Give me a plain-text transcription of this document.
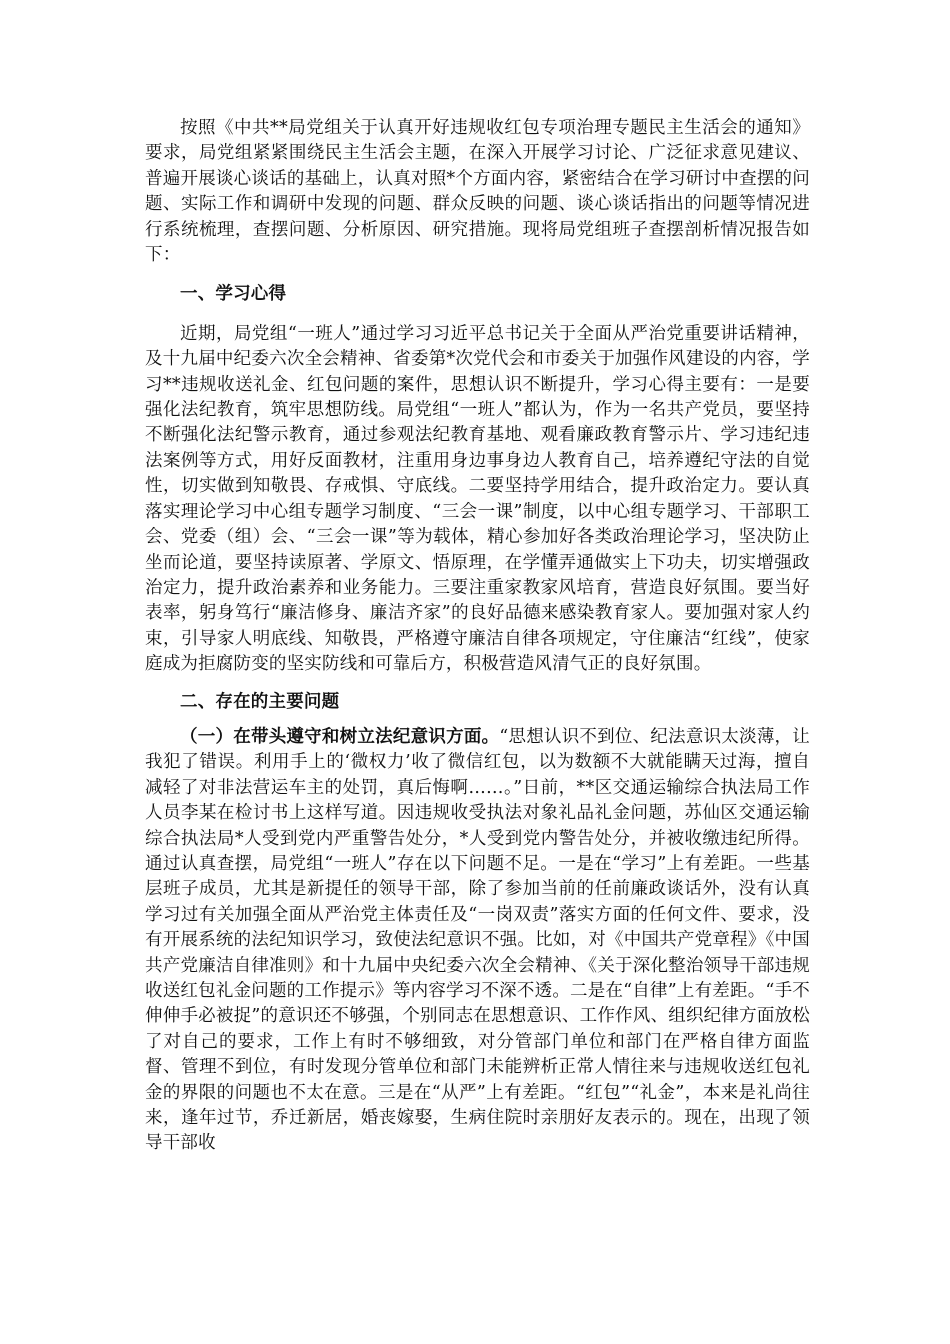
按照《中共**局党组关于认真开好违规收红包专项治理专题民主生活会的通知》要求，局党组紧紧围绕民主生活会主题，在深入开展学习讨论、广泛征求意见建议、普遍开展谈心谈话的基础上，认真对照*个方面内容，紧密结合在学习研讨中查摆的问题、实际工作和调研中发现的问题、群众反映的问题、谈心谈话指出的问题等情况进行系统梳理，查摆问题、分析原因、研究措施。现将局党组班子查摆剖析情况报告如下：

一、学习心得

近期，局党组“一班人”通过学习习近平总书记关于全面从严治党重要讲话精神，及十九届中纪委六次全会精神、省委第*次党代会和市委关于加强作风建设的内容，学习**违规收送礼金、红包问题的案件，思想认识不断提升，学习心得主要有：一是要强化法纪教育，筑牢思想防线。局党组“一班人”都认为，作为一名共产党员，要坚持不断强化法纪警示教育，通过参观法纪教育基地、观看廉政教育警示片、学习违纪违法案例等方式，用好反面教材，注重用身边事身边人教育自己，培养遵纪守法的自觉性，切实做到知敬畏、存戒惧、守底线。二要坚持学用结合，提升政治定力。要认真落实理论学习中心组专题学习制度、“三会一课”制度，以中心组专题学习、干部职工会、党委（组）会、“三会一课”等为载体，精心参加好各类政治理论学习，坚决防止坐而论道，要坚持读原著、学原文、悟原理，在学懂弄通做实上下功夫，切实增强政治定力，提升政治素养和业务能力。三要注重家教家风培育，营造良好氛围。要当好表率，躬身笃行“廉洁修身、廉洁齐家”的良好品德来感染教育家人。要加强对家人约束，引导家人明底线、知敬畏，严格遵守廉洁自律各项规定，守住廉洁“红线”，使家庭成为拒腐防变的坚实防线和可靠后方，积极营造风清气正的良好氛围。

二、存在的主要问题

（一）在带头遵守和树立法纪意识方面。“思想认识不到位、纪法意识太淡薄，让我犯了错误。利用手上的‘微权力’收了微信红包，以为数额不大就能瞒天过海，擅自减轻了对非法营运车主的处罚，真后悔啊……。”日前，**区交通运输综合执法局工作人员李某在检讨书上这样写道。因违规收受执法对象礼品礼金问题，苏仙区交通运输综合执法局*人受到党内严重警告处分，*人受到党内警告处分，并被收缴违纪所得。通过认真查摆，局党组“一班人”存在以下问题不足。一是在“学习”上有差距。一些基层班子成员，尤其是新提任的领导干部，除了参加当前的任前廉政谈话外，没有认真学习过有关加强全面从严治党主体责任及“一岗双责”落实方面的任何文件、要求，没有开展系统的法纪知识学习，致使法纪意识不强。比如，对《中国共产党章程》《中国共产党廉洁自律准则》和十九届中央纪委六次全会精神、《关于深化整治领导干部违规收送红包礼金问题的工作提示》等内容学习不深不透。二是在“自律”上有差距。“手不伸伸手必被捉”的意识还不够强，个别同志在思想意识、工作作风、组织纪律方面放松了对自己的要求，工作上有时不够细致，对分管部门单位和部门在严格自律方面监督、管理不到位，有时发现分管单位和部门未能辨析正常人情往来与违规收送红包礼金的界限的问题也不太在意。三是在“从严”上有差距。“红包”“礼金”，本来是礼尚往来，逢年过节，乔迁新居，婚丧嫁娶，生病住院时亲朋好友表示的。现在，出现了领导干部收
